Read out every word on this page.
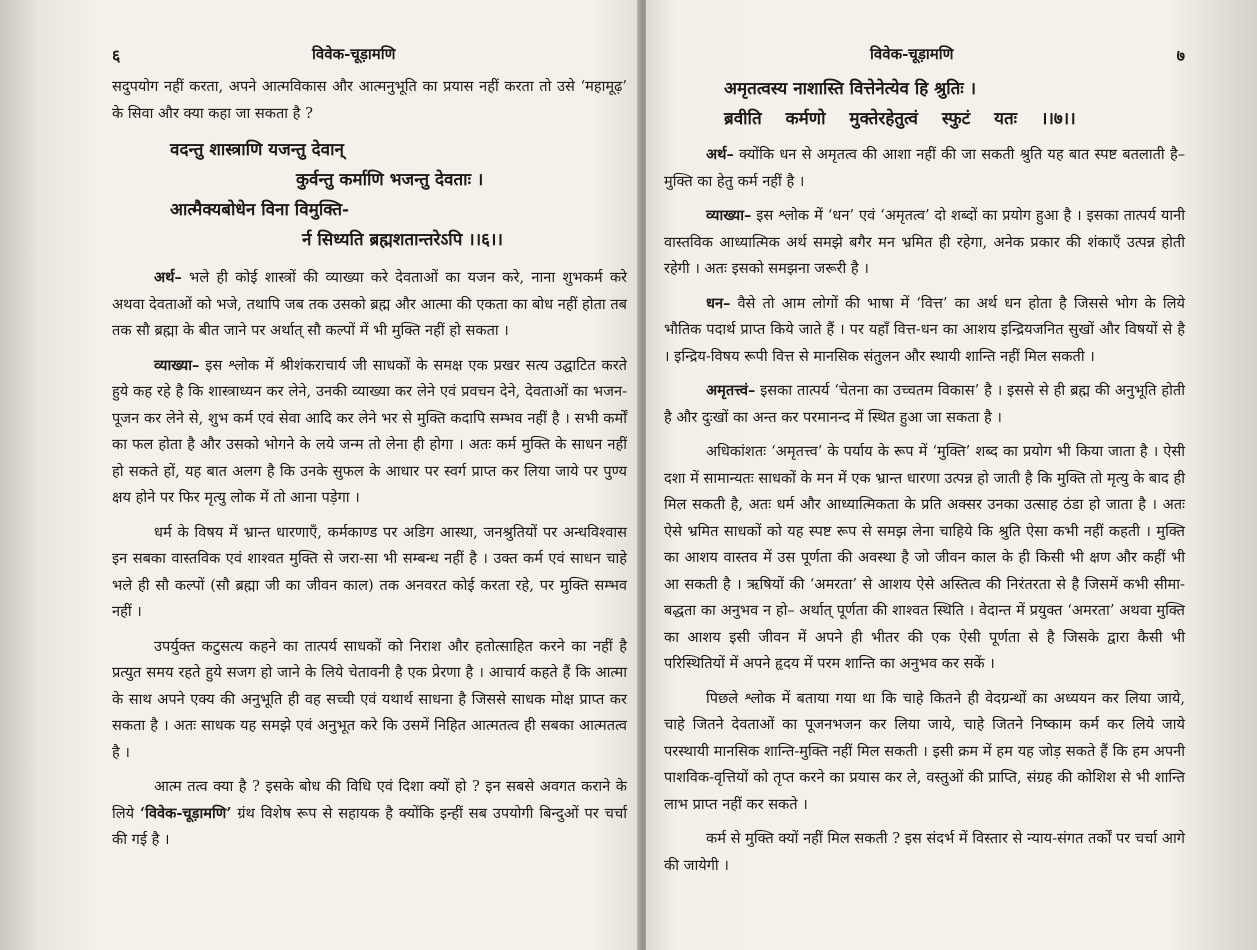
६	विवेक-चूड़ामणि

सदुपयोग नहीं करता, अपने आत्मविकास और आत्मनुभूति का प्रयास नहीं करता तो उसे ‘महामूढ़’ के सिवा और क्या कहा जा सकता है ?

वदन्तु शास्त्राणि यजन्तु देवान्
कुर्वन्तु कर्माणि भजन्तु देवताः ।
आत्मैक्यबोधेन विना विमुक्ति-
र्न सिध्यति ब्रह्मशतान्तरेऽपि ।।६।।

अर्थ– भले ही कोई शास्त्रों की व्याख्या करे देवताओं का यजन करे, नाना शुभकर्म करे अथवा देवताओं को भजे, तथापि जब तक उसको ब्रह्म और आत्मा की एकता का बोध नहीं होता तब तक सौ ब्रह्मा के बीत जाने पर अर्थात् सौ कल्पों में भी मुक्ति नहीं हो सकता ।

व्याख्या– इस श्लोक में श्रीशंकराचार्य जी साधकों के समक्ष एक प्रखर सत्य उद्घाटित करते हुये कह रहे है कि शास्त्राध्यन कर लेने, उनकी व्याख्या कर लेने एवं प्रवचन देने, देवताओं का भजन-पूजन कर लेने से, शुभ कर्म एवं सेवा आदि कर लेने भर से मुक्ति कदापि सम्भव नहीं है । सभी कर्मों का फल होता है और उसको भोगने के लये जन्म तो लेना ही होगा । अतः कर्म मुक्ति के साधन नहीं हो सकते हों, यह बात अलग है कि उनके सुफल के आधार पर स्वर्ग प्राप्त कर लिया जाये पर पुण्य क्षय होने पर फिर मृत्यु लोक में तो आना पड़ेगा ।

धर्म के विषय में भ्रान्त धारणाएँ, कर्मकाण्ड पर अडिग आस्था, जनश्रुतियों पर अन्धविश्वास इन सबका वास्तविक एवं शाश्वत मुक्ति से जरा-सा भी सम्बन्ध नहीं है । उक्त कर्म एवं साधन चाहे भले ही सौ कल्पों (सौ ब्रह्मा जी का जीवन काल) तक अनवरत कोई करता रहे, पर मुक्ति सम्भव नहीं ।

उपर्युक्त कटुसत्य कहने का तात्पर्य साधकों को निराश और हतोत्साहित करने का नहीं है प्रत्युत समय रहते हुये सजग हो जाने के लिये चेतावनी है एक प्रेरणा है । आचार्य कहते हैं कि आत्मा के साथ अपने एक्य की अनुभूति ही वह सच्ची एवं यथार्थ साधना है जिससे साधक मोक्ष प्राप्त कर सकता है । अतः साधक यह समझे एवं अनुभूत करे कि उसमें निहित आत्मतत्व ही सबका आत्मतत्व है ।

आत्म तत्व क्या है ? इसके बोध की विधि एवं दिशा क्यों हो ? इन सबसे अवगत कराने के लिये ‘विवेक-चूड़ामणि’ ग्रंथ विशेष रूप से सहायक है क्योंकि इन्हीं सब उपयोगी बिन्दुओं पर चर्चा की गई है ।

विवेक-चूड़ामणि	७
अमृतत्वस्य नाशास्ति वित्तेनेत्येव हि श्रुतिः ।
ब्रवीति कर्मणो मुक्तेरहेतुत्वं स्फुटं यतः ।।७।।

अर्थ– क्योंकि धन से अमृतत्व की आशा नहीं की जा सकती श्रुति यह बात स्पष्ट बतलाती है– मुक्ति का हेतु कर्म नहीं है ।

व्याख्या– इस श्लोक में ‘धन’ एवं ‘अमृतत्व’ दो शब्दों का प्रयोग हुआ है । इसका तात्पर्य यानी वास्तविक आध्यात्मिक अर्थ समझे बगैर मन भ्रमित ही रहेगा, अनेक प्रकार की शंकाएँ उत्पन्न होती रहेगी । अतः इसको समझना जरूरी है ।

धन– वैसे तो आम लोगों की भाषा में ‘वित्त’ का अर्थ धन होता है जिससे भोग के लिये भौतिक पदार्थ प्राप्त किये जाते हैं । पर यहाँ वित्त-धन का आशय इन्द्रियजनित सुखों और विषयों से है । इन्द्रिय-विषय रूपी वित्त से मानसिक संतुलन और स्थायी शान्ति नहीं मिल सकती ।

अमृतत्त्वं– इसका तात्पर्य ‘चेतना का उच्चतम विकास’ है । इससे से ही ब्रह्म की अनुभूति होती है और दुःखों का अन्त कर परमानन्द में स्थित हुआ जा सकता है ।

अधिकांशतः ‘अमृतत्त्व’ के पर्याय के रूप में ‘मुक्ति’ शब्द का प्रयोग भी किया जाता है । ऐसी दशा में सामान्यतः साधकों के मन में एक भ्रान्त धारणा उत्पन्न हो जाती है कि मुक्ति तो मृत्यु के बाद ही मिल सकती है, अतः धर्म और आध्यात्मिकता के प्रति अक्सर उनका उत्साह ठंडा हो जाता है । अतः ऐसे भ्रमित साधकों को यह स्पष्ट रूप से समझ लेना चाहिये कि श्रुति ऐसा कभी नहीं कहती । मुक्ति का आशय वास्तव में उस पूर्णता की अवस्था है जो जीवन काल के ही किसी भी क्षण और कहीं भी आ सकती है । ऋषियों की ‘अमरता’ से आशय ऐसे अस्तित्व की निरंतरता से है जिसमें कभी सीमा-बद्धता का अनुभव न हो– अर्थात् पूर्णता की शाश्वत स्थिति । वेदान्त में प्रयुक्त ‘अमरता’ अथवा मुक्ति का आशय इसी जीवन में अपने ही भीतर की एक ऐसी पूर्णता से है जिसके द्वारा कैसी भी परिस्थितियों में अपने हृदय में परम शान्ति का अनुभव कर सकें ।

पिछले श्लोक में बताया गया था कि चाहे कितने ही वेदग्रन्थों का अध्ययन कर लिया जाये, चाहे जितने देवताओं का पूजनभजन कर लिया जाये, चाहे जितने निष्काम कर्म कर लिये जाये परस्थायी मानसिक शान्ति-मुक्ति नहीं मिल सकती । इसी क्रम में हम यह जोड़ सकते हैं कि हम अपनी पाशविक-वृत्तियों को तृप्त करने का प्रयास कर ले, वस्तुओं की प्राप्ति, संग्रह की कोशिश से भी शान्ति लाभ प्राप्त नहीं कर सकते ।

कर्म से मुक्ति क्यों नहीं मिल सकती ? इस संदर्भ में विस्तार से न्याय-संगत तर्कों पर चर्चा आगे की जायेगी ।
